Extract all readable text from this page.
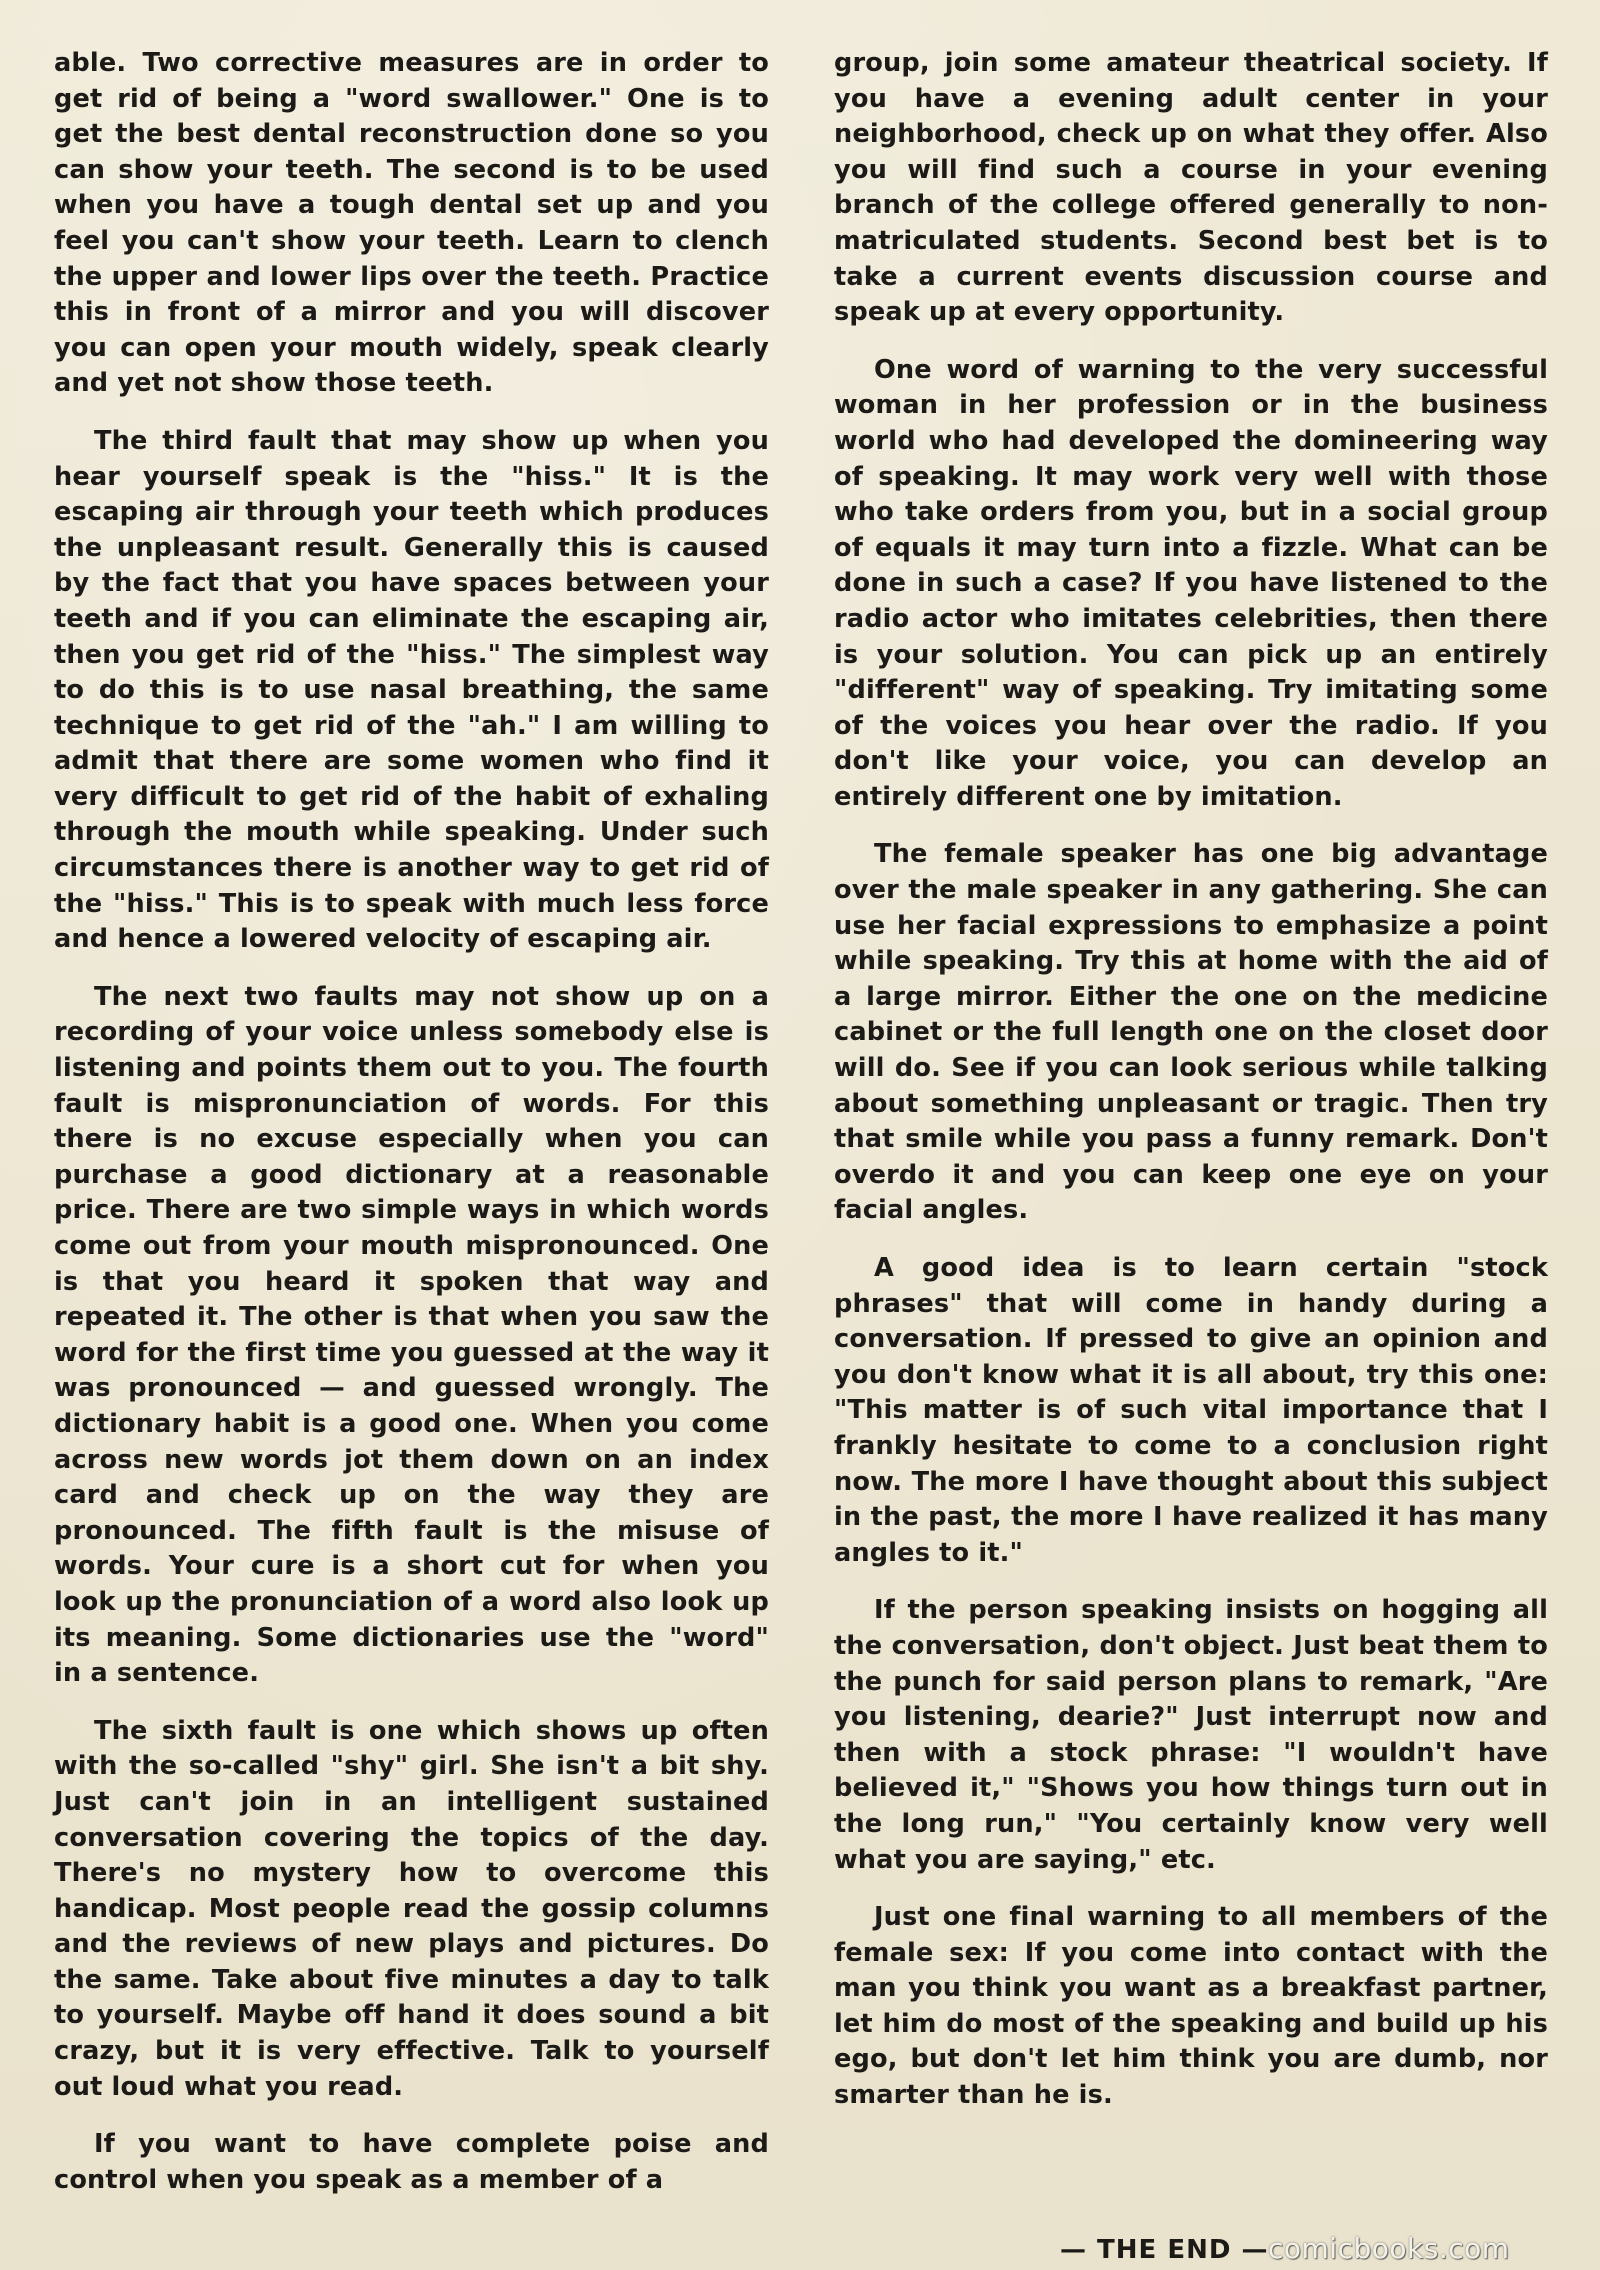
able. Two corrective measures are in order to get rid of being a "word swallower." One is to get the best dental reconstruction done so you can show your teeth. The second is to be used when you have a tough dental set up and you feel you can't show your teeth. Learn to clench the upper and lower lips over the teeth. Practice this in front of a mirror and you will discover you can open your mouth widely, speak clearly and yet not show those teeth.

The third fault that may show up when you hear yourself speak is the "hiss." It is the escaping air through your teeth which produces the unpleasant result. Generally this is caused by the fact that you have spaces between your teeth and if you can eliminate the escaping air, then you get rid of the "hiss." The simplest way to do this is to use nasal breathing, the same technique to get rid of the "ah." I am willing to admit that there are some women who find it very difficult to get rid of the habit of exhaling through the mouth while speaking. Under such circumstances there is another way to get rid of the "hiss." This is to speak with much less force and hence a lowered velocity of escaping air.

The next two faults may not show up on a recording of your voice unless somebody else is listening and points them out to you. The fourth fault is mispronunciation of words. For this there is no excuse especially when you can purchase a good dictionary at a reasonable price. There are two simple ways in which words come out from your mouth mispronounced. One is that you heard it spoken that way and repeated it. The other is that when you saw the word for the first time you guessed at the way it was pronounced — and guessed wrongly. The dictionary habit is a good one. When you come across new words jot them down on an index card and check up on the way they are pronounced. The fifth fault is the misuse of words. Your cure is a short cut for when you look up the pronunciation of a word also look up its meaning. Some dictionaries use the "word" in a sentence.

The sixth fault is one which shows up often with the so-called "shy" girl. She isn't a bit shy. Just can't join in an intelligent sustained conversation covering the topics of the day. There's no mystery how to overcome this handicap. Most people read the gossip columns and the reviews of new plays and pictures. Do the same. Take about five minutes a day to talk to yourself. Maybe off hand it does sound a bit crazy, but it is very effective. Talk to yourself out loud what you read.

If you want to have complete poise and control when you speak as a member of a

group, join some amateur theatrical society. If you have a evening adult center in your neighborhood, check up on what they offer. Also you will find such a course in your evening branch of the college offered generally to non-matriculated students. Second best bet is to take a current events discussion course and speak up at every opportunity.

One word of warning to the very successful woman in her profession or in the business world who had developed the domineering way of speaking. It may work very well with those who take orders from you, but in a social group of equals it may turn into a fizzle. What can be done in such a case? If you have listened to the radio actor who imitates celebrities, then there is your solution. You can pick up an entirely "different" way of speaking. Try imitating some of the voices you hear over the radio. If you don't like your voice, you can develop an entirely different one by imitation.

The female speaker has one big advantage over the male speaker in any gathering. She can use her facial expressions to emphasize a point while speaking. Try this at home with the aid of a large mirror. Either the one on the medicine cabinet or the full length one on the closet door will do. See if you can look serious while talking about something unpleasant or tragic. Then try that smile while you pass a funny remark. Don't overdo it and you can keep one eye on your facial angles.

A good idea is to learn certain "stock phrases" that will come in handy during a conversation. If pressed to give an opinion and you don't know what it is all about, try this one: "This matter is of such vital importance that I frankly hesitate to come to a conclusion right now. The more I have thought about this subject in the past, the more I have realized it has many angles to it."

If the person speaking insists on hogging all the conversation, don't object. Just beat them to the punch for said person plans to remark, "Are you listening, dearie?" Just interrupt now and then with a stock phrase: "I wouldn't have believed it," "Shows you how things turn out in the long run," "You certainly know very well what you are saying," etc.

Just one final warning to all members of the female sex: If you come into contact with the man you think you want as a breakfast partner, let him do most of the speaking and build up his ego, but don't let him think you are dumb, nor smarter than he is.

— THE END — comicbooks.com
